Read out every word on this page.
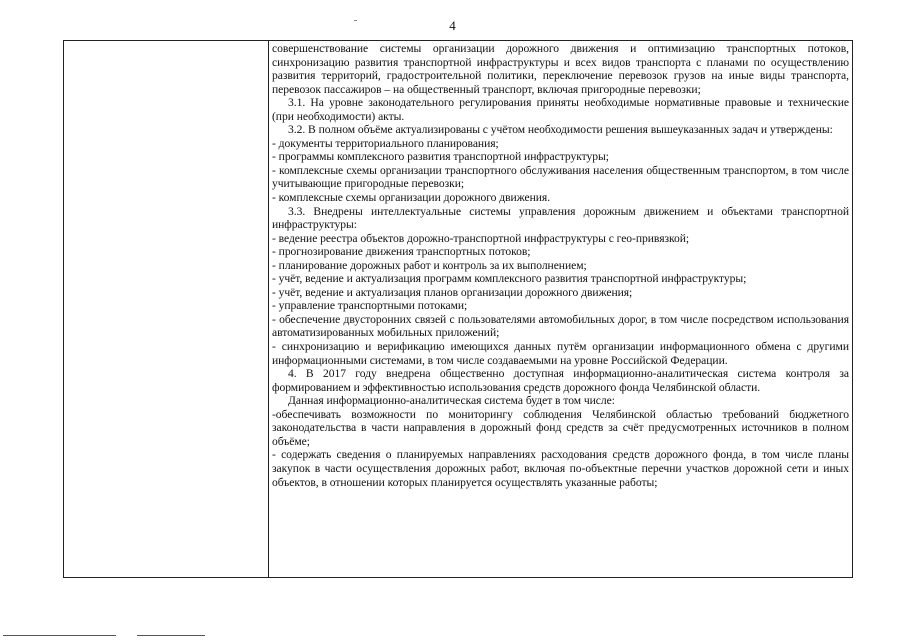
4

совершенствование системы организации дорожного движения и оптимизацию транспортных потоков, синхронизацию развития транспортной инфраструктуры и всех видов транспорта с планами по осуществлению развития территорий, градостроительной политики, переключение перевозок грузов на иные виды транспорта, перевозок пассажиров – на общественный транспорт, включая пригородные перевозки;

3.1. На уровне законодательного регулирования приняты необходимые нормативные правовые и технические (при необходимости) акты.

3.2. В полном объёме актуализированы с учётом необходимости решения вышеуказанных задач и утверждены:

- документы территориального планирования;

- программы комплексного развития транспортной инфраструктуры;

- комплексные схемы организации транспортного обслуживания населения общественным транспортом, в том числе учитывающие пригородные перевозки;

- комплексные схемы организации дорожного движения.

3.3. Внедрены интеллектуальные системы управления дорожным движением и объектами транспортной инфраструктуры:

- ведение реестра объектов дорожно-транспортной инфраструктуры с гео-привязкой;

- прогнозирование движения транспортных потоков;

- планирование дорожных работ и контроль за их выполнением;

- учёт, ведение и актуализация программ комплексного развития транспортной инфраструктуры;

- учёт, ведение и актуализация планов организации дорожного движения;

- управление транспортными потоками;

- обеспечение двусторонних связей с пользователями автомобильных дорог, в том числе посредством использования автоматизированных мобильных приложений;

- синхронизацию и верификацию имеющихся данных путём организации информационного обмена с другими информационными системами, в том числе создаваемыми на уровне Российской Федерации.

4. В 2017 году внедрена общественно доступная информационно-аналитическая система контроля за формированием и эффективностью использования средств дорожного фонда Челябинской области.

Данная информационно-аналитическая система будет в том числе:

-обеспечивать возможности по мониторингу соблюдения Челябинской областью требований бюджетного законодательства в части направления в дорожный фонд средств за счёт предусмотренных источников в полном объёме;

- содержать сведения о планируемых направлениях расходования средств дорожного фонда, в том числе планы закупок в части осуществления дорожных работ, включая по-объектные перечни участков дорожной сети и иных объектов, в отношении которых планируется осуществлять указанные работы;
